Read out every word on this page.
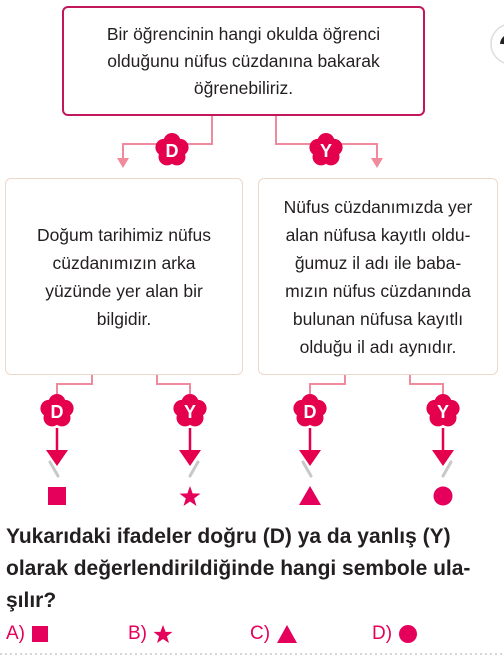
D	Y
D	Y	D	Y
Bir öğrencinin hangi okulda öğrenci
olduğunu nüfus cüzdanına bakarak
öğrenebiliriz.
Doğum tarihimiz nüfus
cüzdanımızın arka
yüzünde yer alan bir
bilgidir.
Nüfus cüzdanımızda yer
alan nüfusa kayıtlı oldu-
ğumuz il adı ile baba-
mızın nüfus cüzdanında
bulunan nüfusa kayıtlı
olduğu il adı aynıdır.
Yukarıdaki ifadeler doğru (D) ya da yanlış (Y)
olarak değerlendirildiğinde hangi sembole ula-
şılır?
A)	B)	C)	D)
